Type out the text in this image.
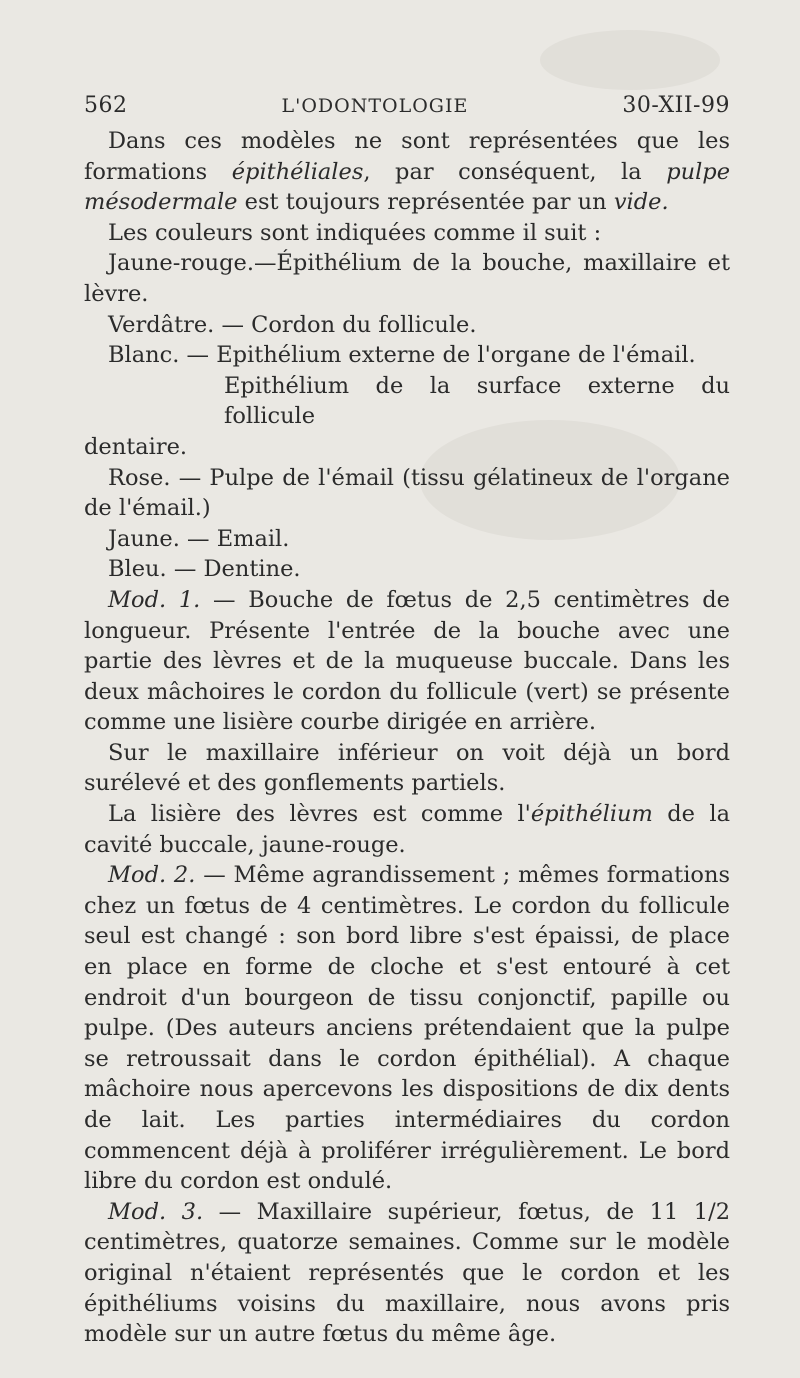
562	L'ODONTOLOGIE	30-XII-99

Dans ces modèles ne sont représentées que les formations épithéliales, par conséquent, la pulpe mésodermale est toujours représentée par un vide.

Les couleurs sont indiquées comme il suit :

Jaune-rouge.—Épithélium de la bouche, maxillaire et lèvre.

Verdâtre. — Cordon du follicule.

Blanc. — Epithélium externe de l'organe de l'émail.

Epithélium de la surface externe du follicule

dentaire.

Rose. — Pulpe de l'émail (tissu gélatineux de l'organe de l'émail.)

Jaune. — Email.

Bleu. — Dentine.

Mod. 1. — Bouche de fœtus de 2,5 centimètres de longueur. Présente l'entrée de la bouche avec une partie des lèvres et de la muqueuse buccale. Dans les deux mâchoires le cordon du follicule (vert) se présente comme une lisière courbe dirigée en arrière.

Sur le maxillaire inférieur on voit déjà un bord surélevé et des gonflements partiels.

La lisière des lèvres est comme l'épithélium de la cavité buccale, jaune-rouge.

Mod. 2. — Même agrandissement ; mêmes formations chez un fœtus de 4 centimètres. Le cordon du follicule seul est changé : son bord libre s'est épaissi, de place en place en forme de cloche et s'est entouré à cet endroit d'un bourgeon de tissu conjonctif, papille ou pulpe. (Des auteurs anciens prétendaient que la pulpe se retroussait dans le cordon épithélial). A chaque mâchoire nous apercevons les dispositions de dix dents de lait. Les parties intermédiaires du cordon commencent déjà à proliférer irrégulièrement. Le bord libre du cordon est ondulé.

Mod. 3. — Maxillaire supérieur, fœtus, de 11 1/2 centimètres, quatorze semaines. Comme sur le modèle original n'étaient représentés que le cordon et les épithéliums voisins du maxillaire, nous avons pris modèle sur un autre fœtus du même âge.
